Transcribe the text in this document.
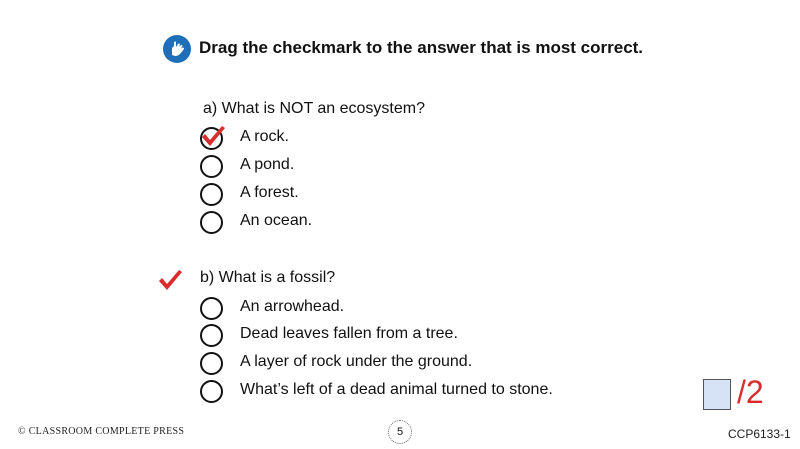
Drag the checkmark to the answer that is most correct.
a) What is NOT an ecosystem?
A rock.
A pond.
A forest.
An ocean.
b) What is a fossil?
An arrowhead.
Dead leaves fallen from a tree.
A layer of rock under the ground.
What’s left of a dead animal turned to stone.	/2
© CLASSROOM COMPLETE PRESS	5	CCP6133-1
